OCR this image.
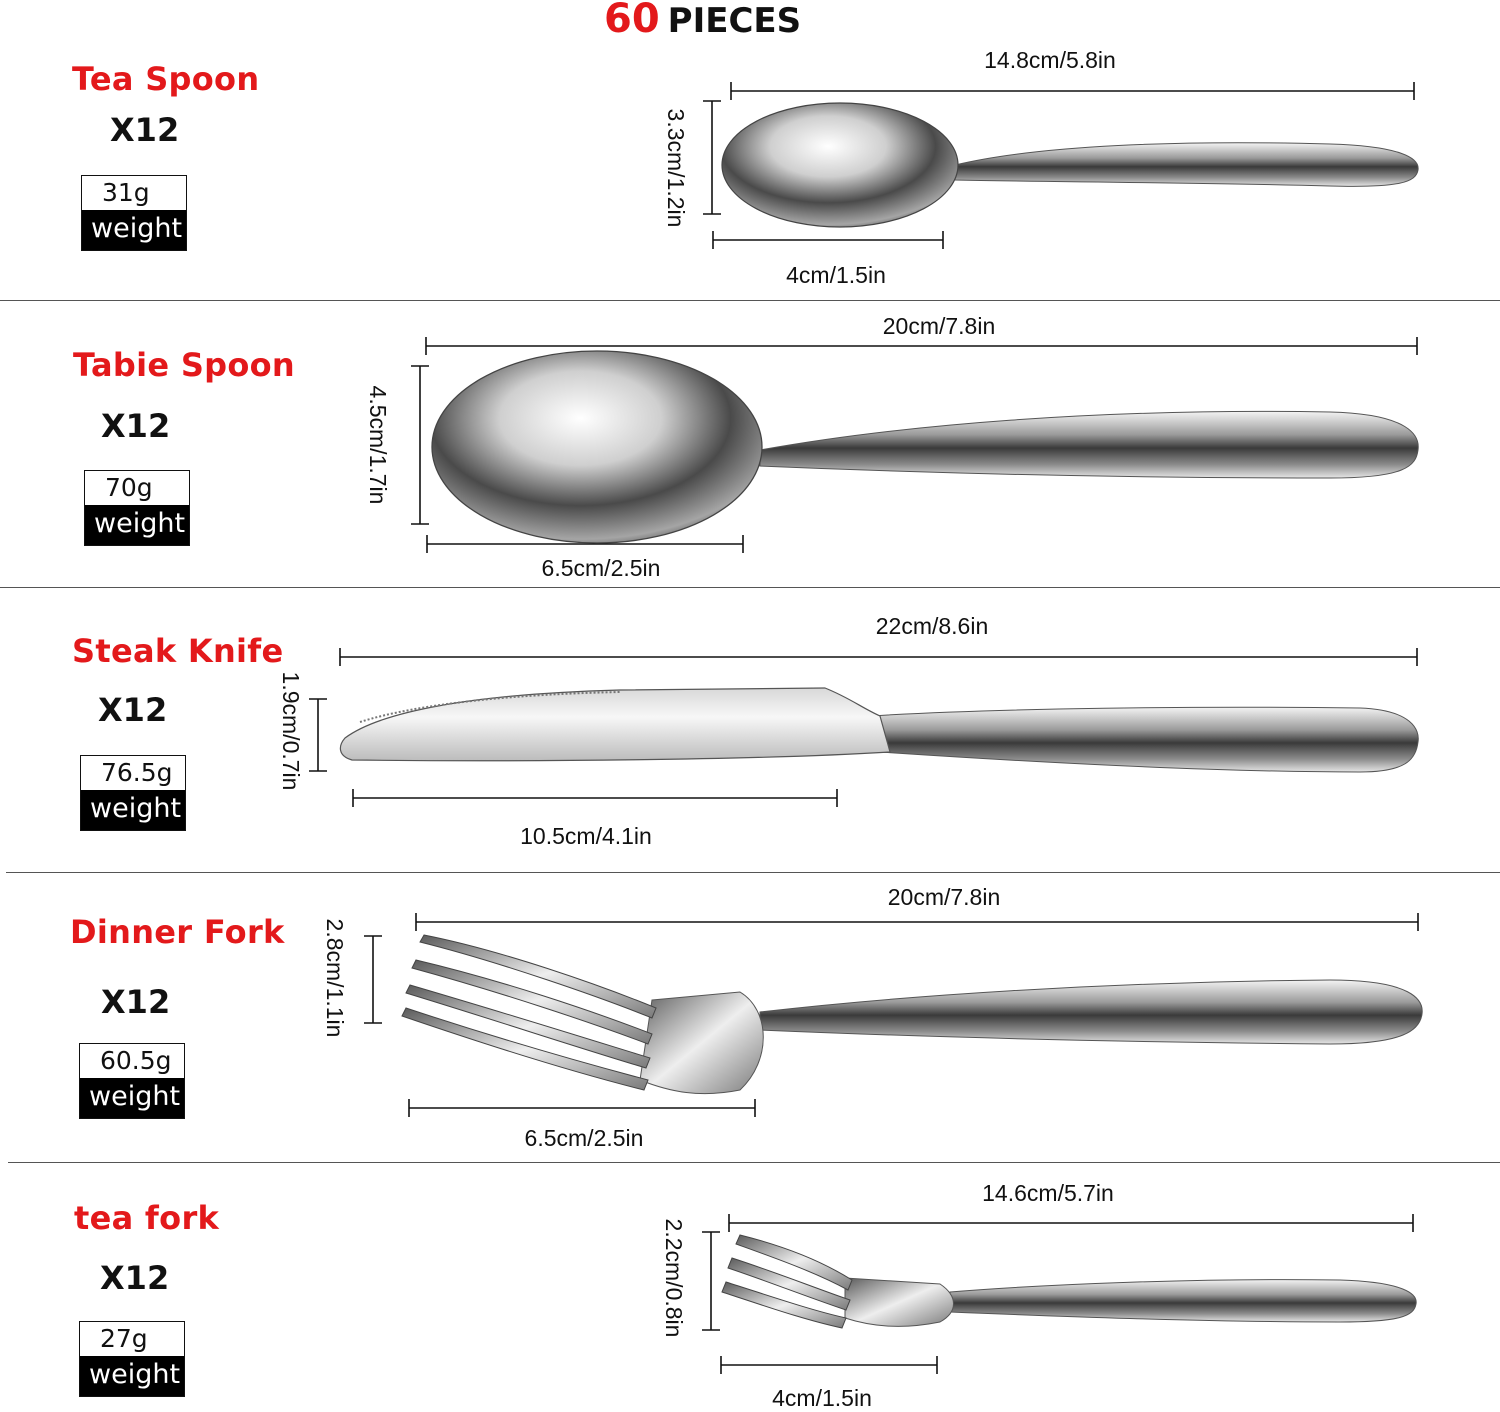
60 PIECES
Tea Spoon
X12
31g
weight
Tabie Spoon
X12
70g
weight
Steak Knife
X12
76.5g
weight
Dinner Fork
X12
60.5g
weight
tea fork
X12
27g
weight
14.8cm/5.8in
3.3cm/1.2in
4cm/1.5in
20cm/7.8in
4.5cm/1.7in
6.5cm/2.5in
22cm/8.6in
1.9cm/0.7in
10.5cm/4.1in
20cm/7.8in
2.8cm/1.1in
6.5cm/2.5in
14.6cm/5.7in
2.2cm/0.8in
4cm/1.5in
